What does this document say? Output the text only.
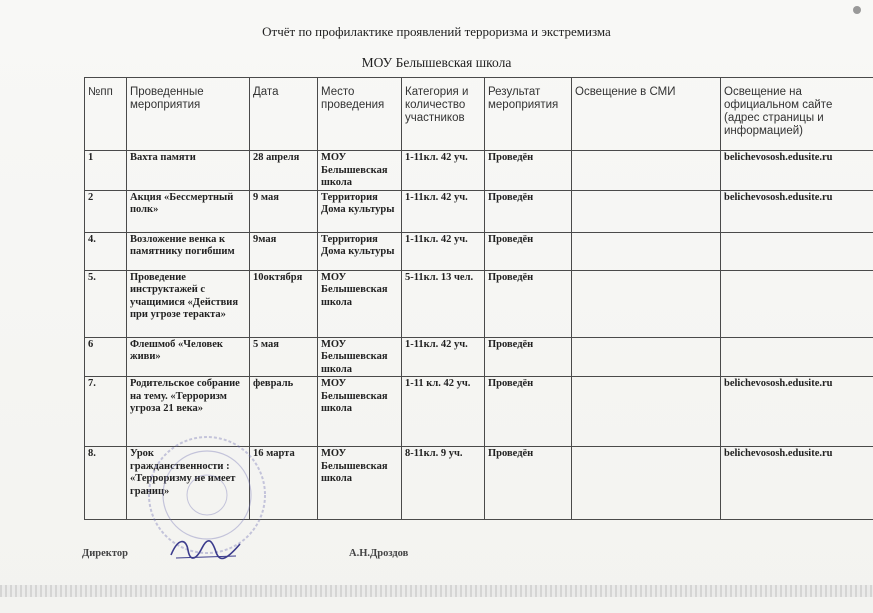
Отчёт по профилактике проявлений терроризма и экстремизма
МОУ Белышевская школа
№пп	Проведенные мероприятия	Дата	Место проведения	Категория и количество участников	Результат мероприятия	Освещение в СМИ	Освещение на официальном сайте (адрес страницы и информацией)
1	Вахта памяти	28 апреля	МОУ Белышевская школа	1-11кл. 42 уч.	Проведён		belichevososh.edusite.ru
2	Акция «Бессмертный полк»	9 мая	Территория Дома культуры	1-11кл. 42 уч.	Проведён		belichevososh.edusite.ru
4.	Возложение венка к памятнику погибшим	9мая	Территория Дома культуры	1-11кл. 42 уч.	Проведён		
5.	Проведение инструктажей с учащимися «Действия при угрозе теракта»	10октября	МОУ Белышевская школа	5-11кл. 13 чел.	Проведён		
6	Флешмоб «Человек живи»	5 мая	МОУ Белышевская школа	1-11кл. 42 уч.	Проведён		
7.	Родительское собрание на тему. «Терроризм угроза 21 века»	февраль	МОУ Белышевская школа	1-11 кл. 42 уч.	Проведён		belichevososh.edusite.ru
8.	Урок гражданственности : «Терроризму не имеет границ»	16 марта	МОУ Белышевская школа	8-11кл. 9 уч.	Проведён		belichevososh.edusite.ru
Директор	А.Н.Дроздов
